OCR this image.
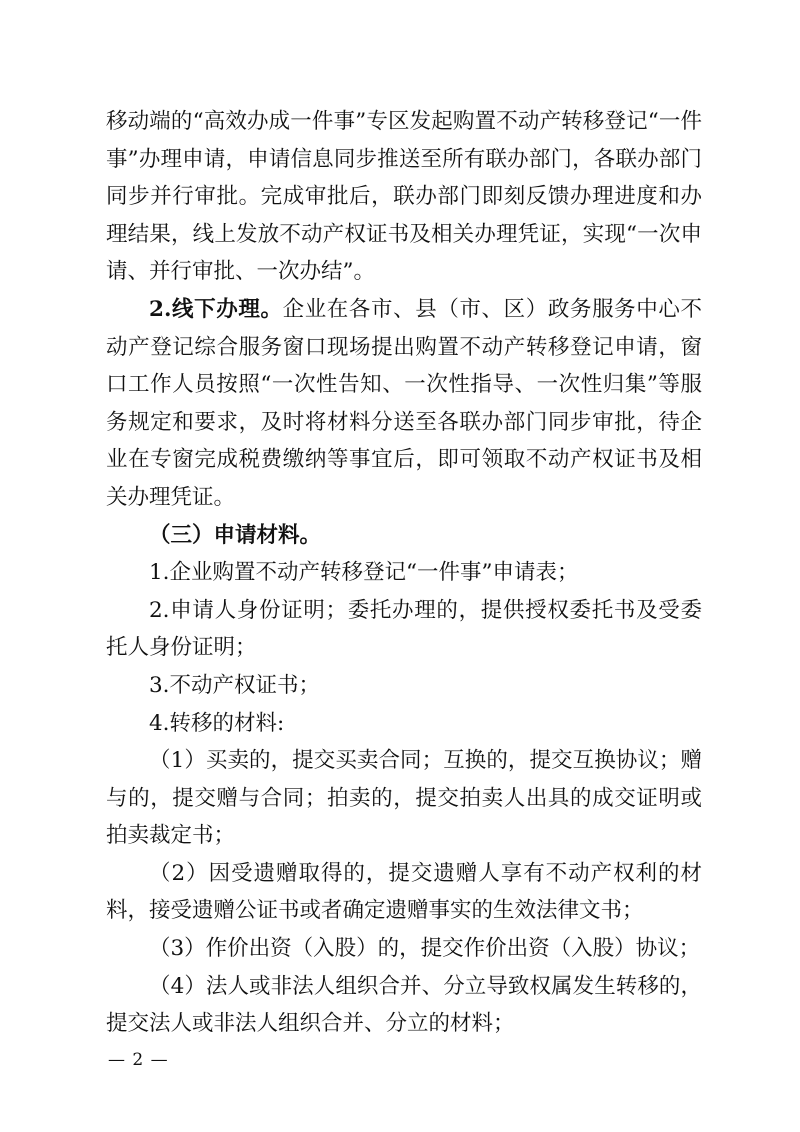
移动端的“高效办成一件事”专区发起购置不动产转移登记“一件事”办理申请，申请信息同步推送至所有联办部门，各联办部门同步并行审批。完成审批后，联办部门即刻反馈办理进度和办理结果，线上发放不动产权证书及相关办理凭证，实现“一次申请、并行审批、一次办结”。

2.线下办理。企业在各市、县（市、区）政务服务中心不动产登记综合服务窗口现场提出购置不动产转移登记申请，窗口工作人员按照“一次性告知、一次性指导、一次性归集”等服务规定和要求，及时将材料分送至各联办部门同步审批，待企业在专窗完成税费缴纳等事宜后，即可领取不动产权证书及相关办理凭证。

（三）申请材料。

1.企业购置不动产转移登记“一件事”申请表；

2.申请人身份证明；委托办理的，提供授权委托书及受委托人身份证明；

3.不动产权证书；

4.转移的材料:

（1）买卖的，提交买卖合同；互换的，提交互换协议；赠与的，提交赠与合同；拍卖的，提交拍卖人出具的成交证明或拍卖裁定书；

（2）因受遗赠取得的，提交遗赠人享有不动产权利的材料，接受遗赠公证书或者确定遗赠事实的生效法律文书；

（3）作价出资（入股）的，提交作价出资（入股）协议；

（4）法人或非法人组织合并、分立导致权属发生转移的，提交法人或非法人组织合并、分立的材料；

— 2 —
